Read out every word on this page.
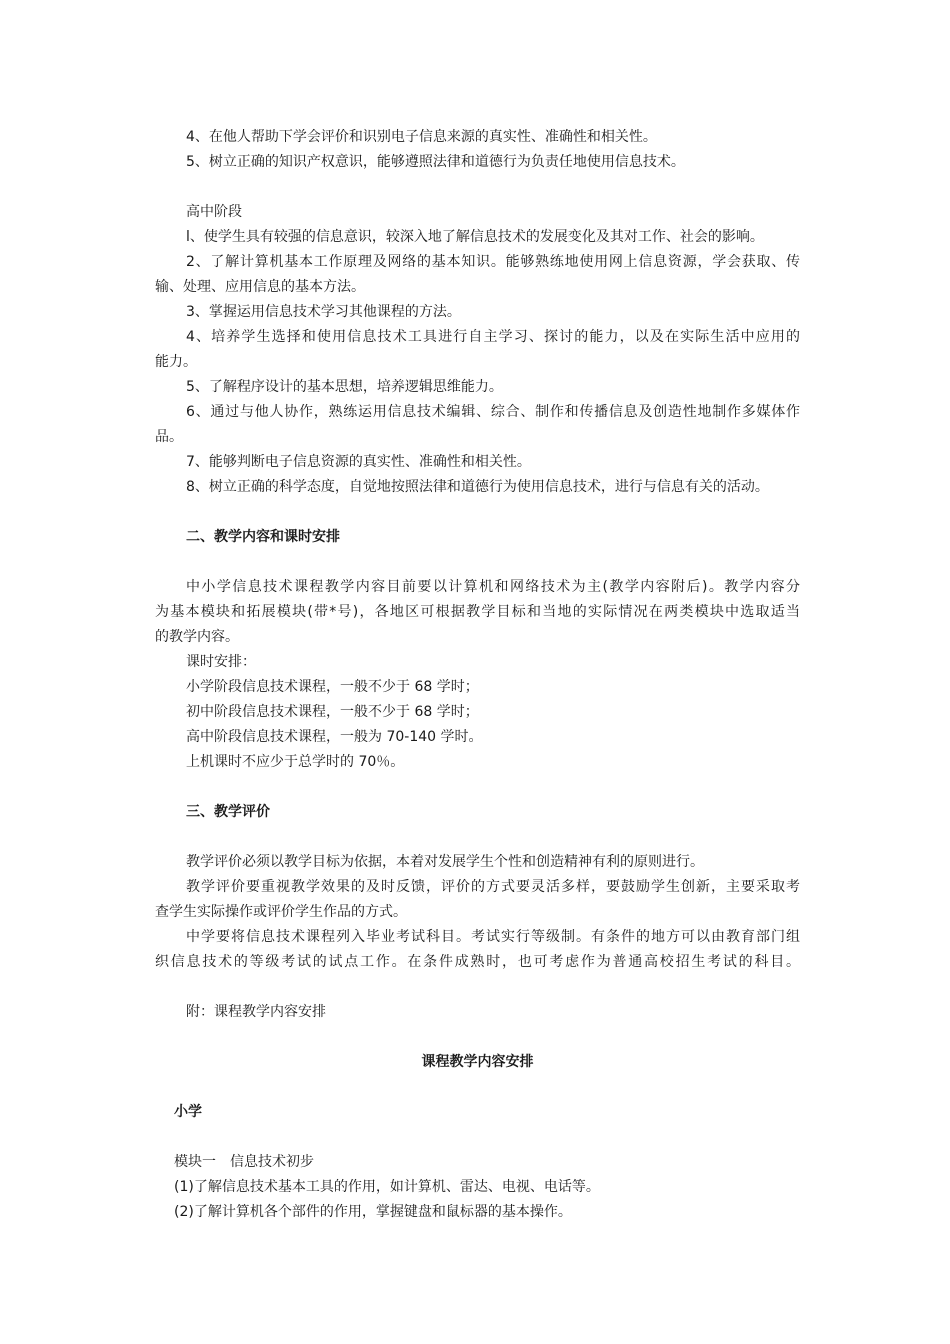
4、在他人帮助下学会评价和识别电子信息来源的真实性、准确性和相关性。
5、树立正确的知识产权意识，能够遵照法律和道德行为负责任地使用信息技术。
高中阶段
l、使学生具有较强的信息意识，较深入地了解信息技术的发展变化及其对工作、社会的影响。
2、了解计算机基本工作原理及网络的基本知识。能够熟练地使用网上信息资源，学会获取、传
输、处理、应用信息的基本方法。
3、掌握运用信息技术学习其他课程的方法。
4、培养学生选择和使用信息技术工具进行自主学习、探讨的能力，以及在实际生活中应用的
能力。
5、了解程序设计的基本思想，培养逻辑思维能力。
6、通过与他人协作，熟练运用信息技术编辑、综合、制作和传播信息及创造性地制作多媒体作
品。
7、能够判断电子信息资源的真实性、准确性和相关性。
8、树立正确的科学态度，自觉地按照法律和道德行为使用信息技术，进行与信息有关的活动。
二、教学内容和课时安排
中小学信息技术课程教学内容目前要以计算机和网络技术为主(教学内容附后)。教学内容分
为基本模块和拓展模块(带*号)，各地区可根据教学目标和当地的实际情况在两类模块中选取适当
的教学内容。
课时安排：
小学阶段信息技术课程，一般不少于 68 学时；
初中阶段信息技术课程，一般不少于 68 学时；
高中阶段信息技术课程，一般为 70-140 学时。
上机课时不应少于总学时的 70％。
三、教学评价
教学评价必须以教学目标为依据，本着对发展学生个性和创造精神有利的原则进行。
教学评价要重视教学效果的及时反馈，评价的方式要灵活多样，要鼓励学生创新，主要采取考
查学生实际操作或评价学生作品的方式。
中学要将信息技术课程列入毕业考试科目。考试实行等级制。有条件的地方可以由教育部门组
织信息技术的等级考试的试点工作。在条件成熟时，也可考虑作为普通高校招生考试的科目。
附：课程教学内容安排
课程教学内容安排
小学
模块一　信息技术初步
(1)了解信息技术基本工具的作用，如计算机、雷达、电视、电话等。
(2)了解计算机各个部件的作用，掌握键盘和鼠标器的基本操作。
